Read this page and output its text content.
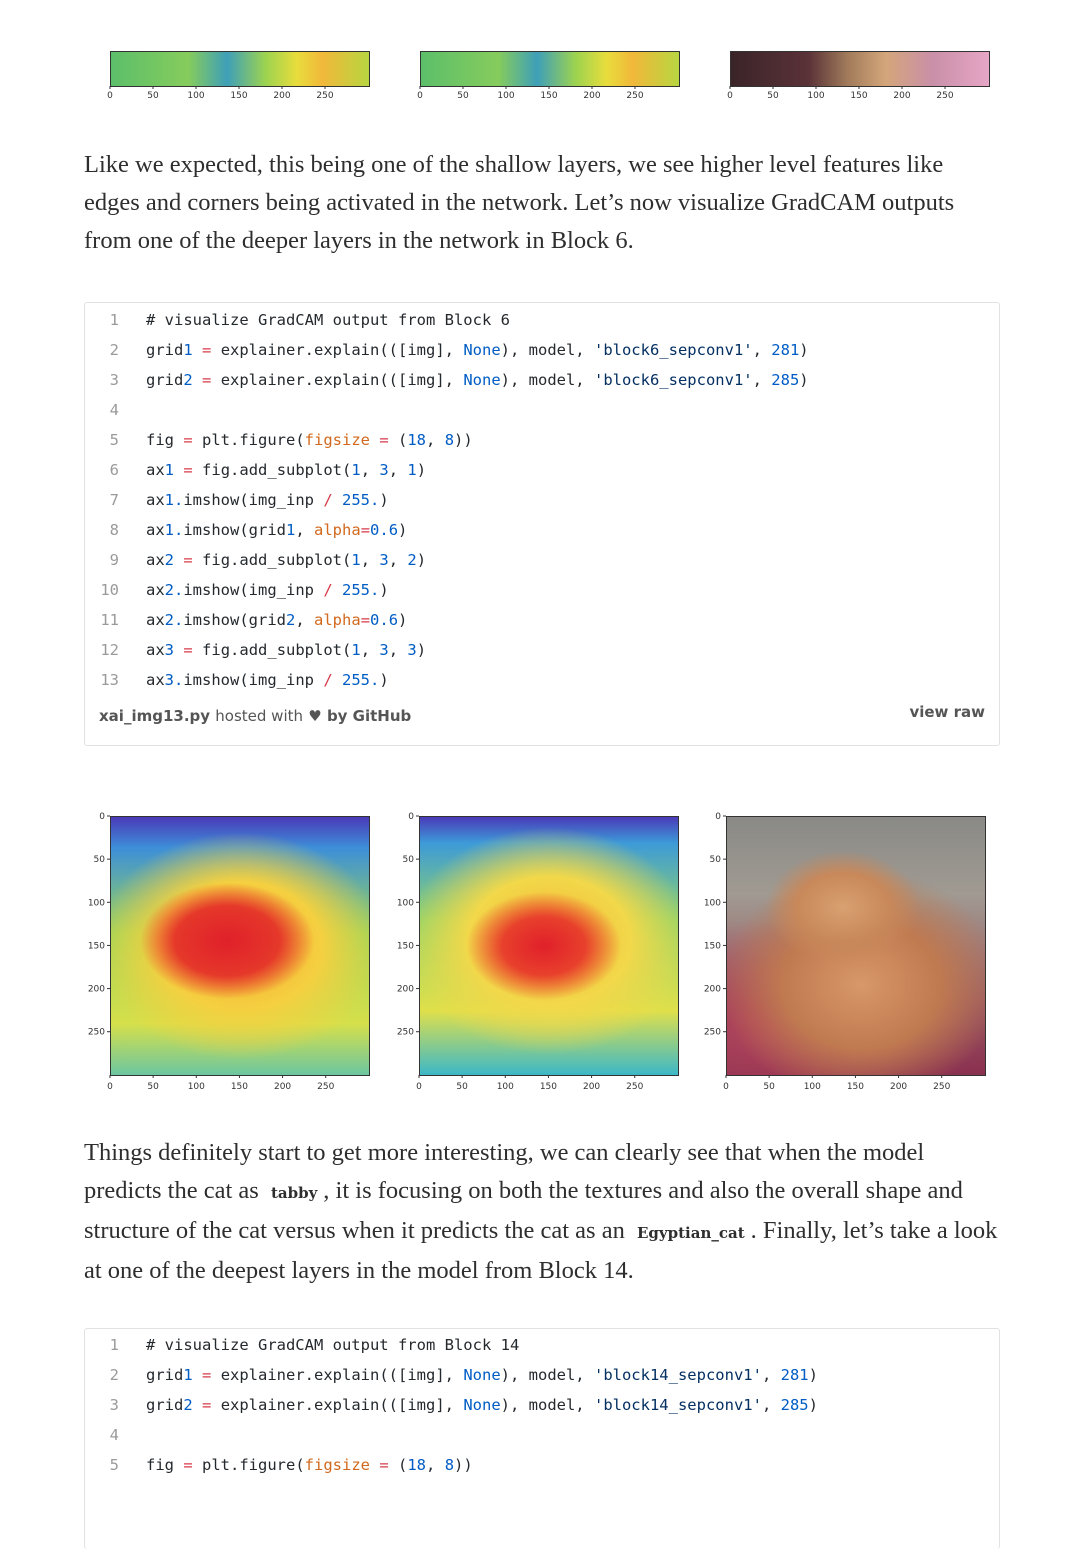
0	50	100	150	200	250	0	50	100	150	200	250	0	50	100	150	200	250

Like we expected, this being one of the shallow layers, we see higher level features like edges and corners being activated in the network. Let’s now visualize GradCAM outputs from one of the deeper layers in the network in Block 6.

1 # visualize GradCAM output from Block 6
2 grid1 = explainer.explain(([img], None), model, 'block6_sepconv1', 281)
3 grid2 = explainer.explain(([img], None), model, 'block6_sepconv1', 285)
4
5 fig = plt.figure(figsize = (18, 8))
6 ax1 = fig.add_subplot(1, 3, 1)
7 ax1.imshow(img_inp / 255.)
8 ax1.imshow(grid1, alpha=0.6)
9 ax2 = fig.add_subplot(1, 3, 2)
10 ax2.imshow(img_inp / 255.)
11 ax2.imshow(grid2, alpha=0.6)
12 ax3 = fig.add_subplot(1, 3, 3)
13 ax3.imshow(img_inp / 255.)
xai_img13.py hosted with ♥ by GitHub	view raw
0	50	100	150	200	250
0
50
100
150
200
250
0	50	100	150	200	250
0
50
100
150
200
250
0	50	100	150	200	250
0
50
100
150
200
250

Things definitely start to get more interesting, we can clearly see that when the model predicts the cat as tabby , it is focusing on both the textures and also the overall shape and structure of the cat versus when it predicts the cat as an Egyptian_cat . Finally, let’s take a look at one of the deepest layers in the model from Block 14.

1 # visualize GradCAM output from Block 14
2 grid1 = explainer.explain(([img], None), model, 'block14_sepconv1', 281)
3 grid2 = explainer.explain(([img], None), model, 'block14_sepconv1', 285)
4
5 fig = plt.figure(figsize = (18, 8))
